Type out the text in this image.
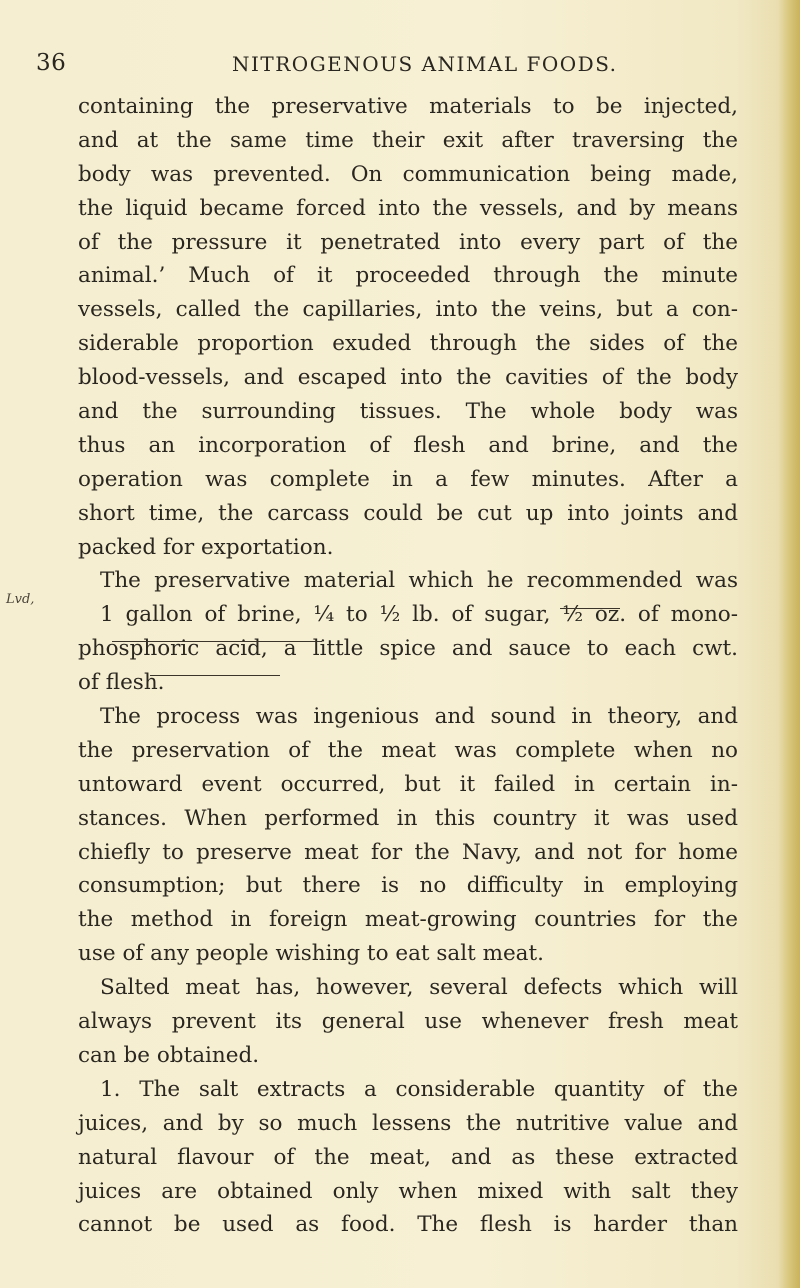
36	NITROGENOUS ANIMAL FOODS.
Lvd,
containing the preservative materials to be injected,
and at the same time their exit after traversing the
body was prevented. On communication being made,
the liquid became forced into the vessels, and by means
of the pressure it penetrated into every part of the
animal.’ Much of it proceeded through the minute
vessels, called the capillaries, into the veins, but a con-
siderable proportion exuded through the sides of the
blood-vessels, and escaped into the cavities of the body
and the surrounding tissues. The whole body was
thus an incorporation of flesh and brine, and the
operation was complete in a few minutes. After a
short time, the carcass could be cut up into joints and
packed for exportation.
The preservative material which he recommended was
1 gallon of brine, ¼ to ½ lb. of sugar, ½ oz. of mono-
phosphoric acid, a little spice and sauce to each cwt.
of flesh.
The process was ingenious and sound in theory, and
the preservation of the meat was complete when no
untoward event occurred, but it failed in certain in-
stances. When performed in this country it was used
chiefly to preserve meat for the Navy, and not for home
consumption; but there is no difficulty in employing
the method in foreign meat-growing countries for the
use of any people wishing to eat salt meat.
Salted meat has, however, several defects which will
always prevent its general use whenever fresh meat
can be obtained.
1. The salt extracts a considerable quantity of the
juices, and by so much lessens the nutritive value and
natural flavour of the meat, and as these extracted
juices are obtained only when mixed with salt they
cannot be used as food. The flesh is harder than
